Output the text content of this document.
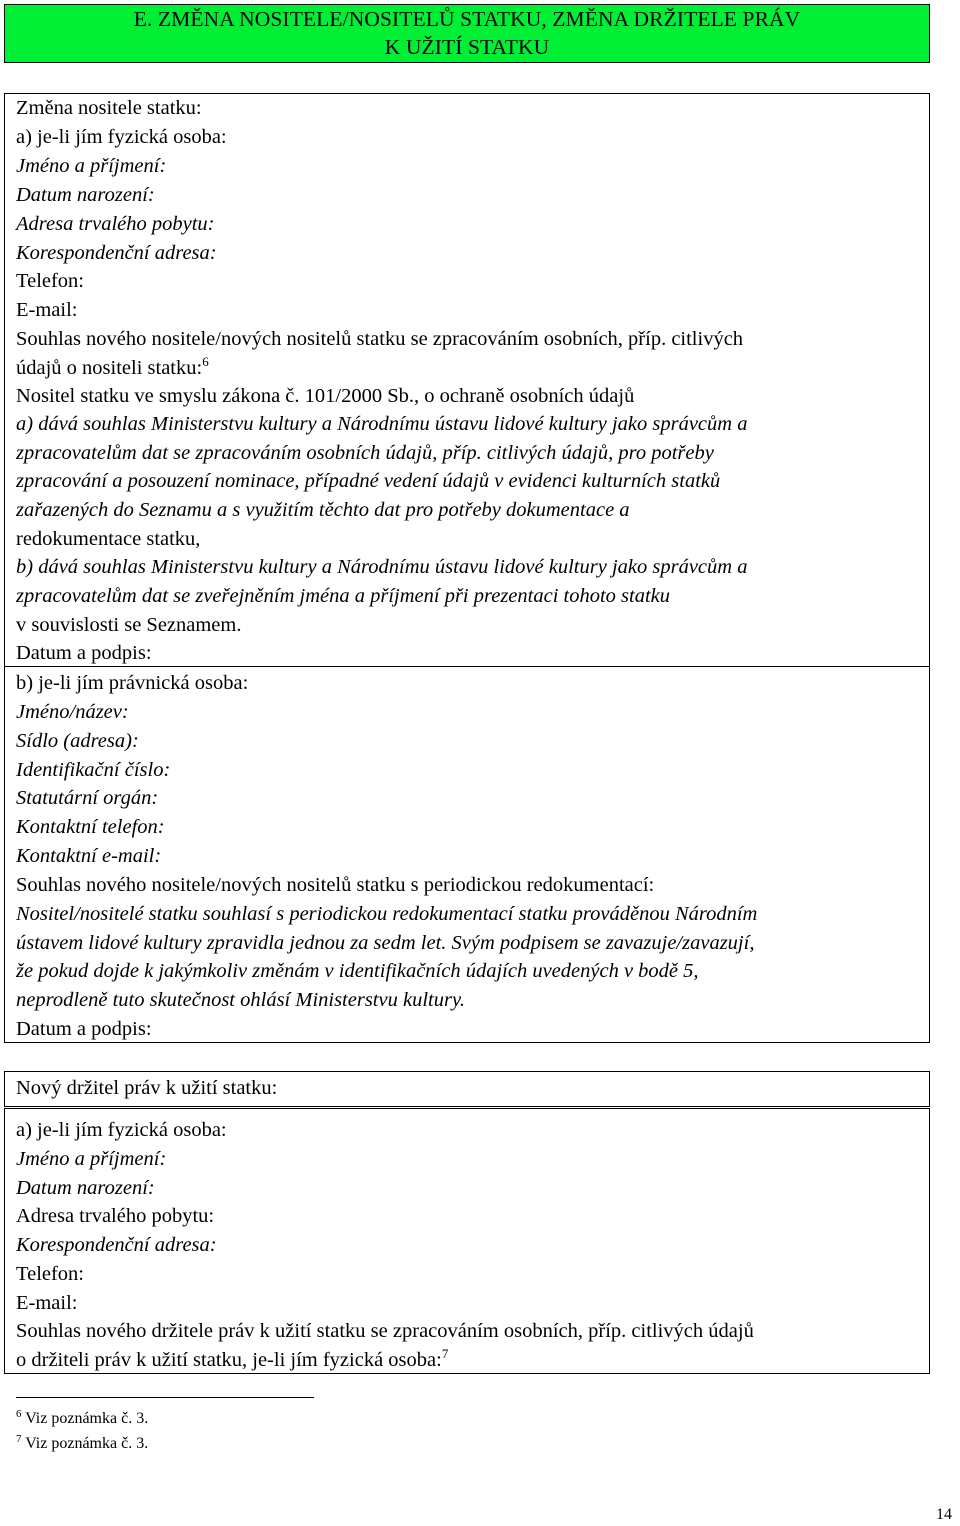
E. ZMĚNA NOSITELE/NOSITELŮ STATKU, ZMĚNA DRŽITELE PRÁV
K UŽITÍ STATKU
Změna nositele statku:
a) je-li jím fyzická osoba:
Jméno a příjmení:
Datum narození:
Adresa trvalého pobytu:
Korespondenční adresa:
Telefon:
E-mail:
Souhlas nového nositele/nových nositelů statku se zpracováním osobních, příp. citlivých
údajů o nositeli statku:$^6$
Nositel statku ve smyslu zákona č. 101/2000 Sb., o ochraně osobních údajů
a) dává souhlas Ministerstvu kultury a Národnímu ústavu lidové kultury jako správcům a
zpracovatelům dat se zpracováním osobních údajů, příp. citlivých údajů, pro potřeby
zpracování a posouzení nominace, případné vedení údajů v evidenci kulturních statků
zařazených do Seznamu a s využitím těchto dat pro potřeby dokumentace a
redokumentace statku,
b) dává souhlas Ministerstvu kultury a Národnímu ústavu lidové kultury jako správcům a
zpracovatelům dat se zveřejněním jména a příjmení při prezentaci tohoto statku
v souvislosti se Seznamem.
Datum a podpis:
b) je-li jím právnická osoba:
Jméno/název:
Sídlo (adresa):
Identifikační číslo:
Statutární orgán:
Kontaktní telefon:
Kontaktní e-mail:
Souhlas nového nositele/nových nositelů statku s periodickou redokumentací:
Nositel/nositelé statku souhlasí s periodickou redokumentací statku prováděnou Národním
ústavem lidové kultury zpravidla jednou za sedm let. Svým podpisem se zavazuje/zavazují,
že pokud dojde k jakýmkoliv změnám v identifikačních údajích uvedených v bodě 5,
neprodleně tuto skutečnost ohlásí Ministerstvu kultury.
Datum a podpis:
Nový držitel práv k užití statku:
a) je-li jím fyzická osoba:
Jméno a příjmení:
Datum narození:
Adresa trvalého pobytu:
Korespondenční adresa:
Telefon:
E-mail:
Souhlas nového držitele práv k užití statku se zpracováním osobních, příp. citlivých údajů
o držiteli práv k užití statku, je-li jím fyzická osoba:$^7$
$^6$ Viz poznámka č. 3.
$^7$ Viz poznámka č. 3.
14
